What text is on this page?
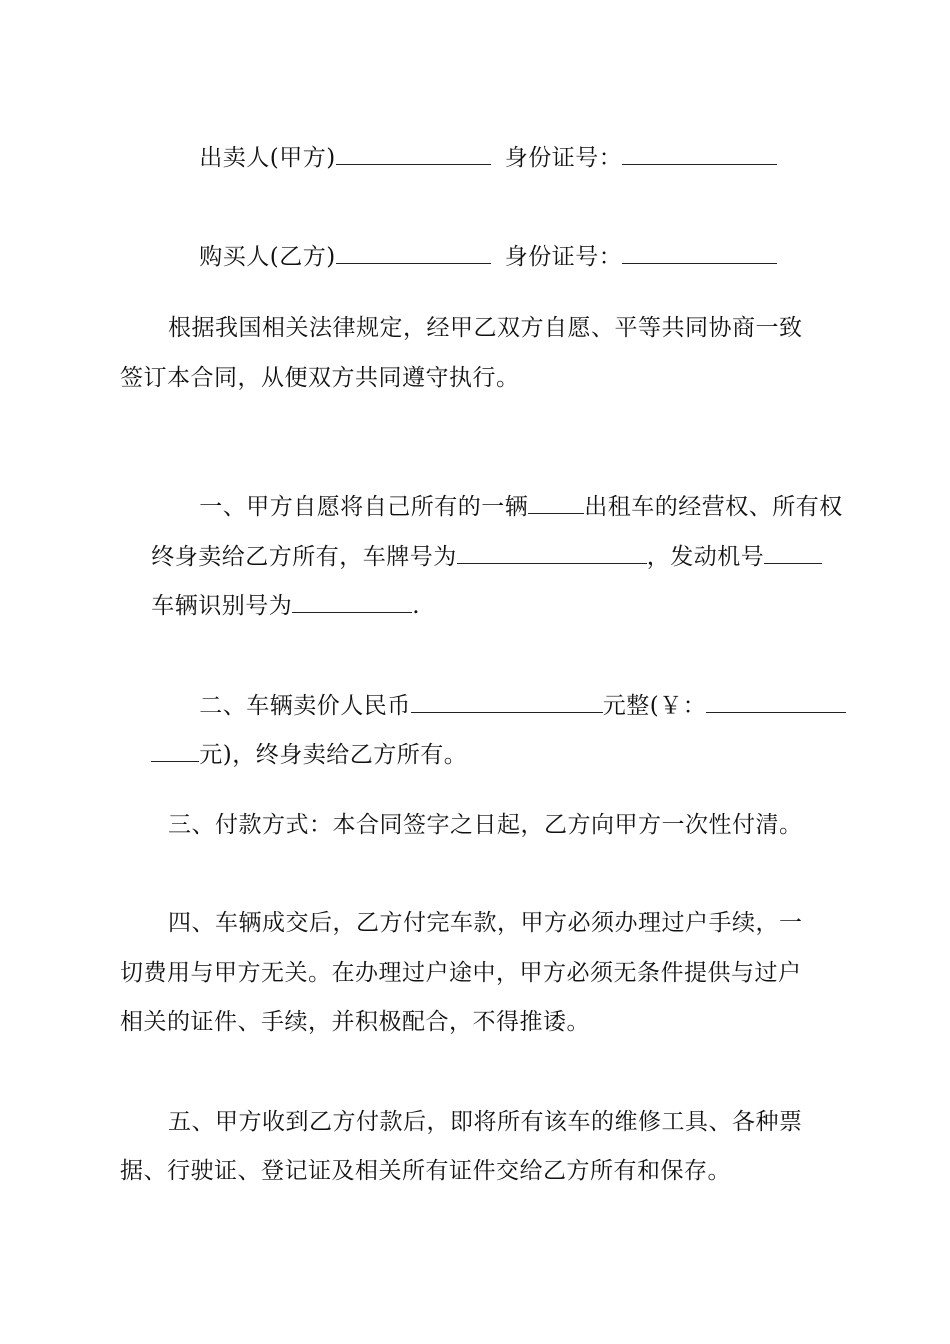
出卖人(甲方)	身份证号：

购买人(乙方)	身份证号：

根据我国相关法律规定，经甲乙双方自愿、平等共同协商一致
签订本合同，从便双方共同遵守执行。

一、甲方自愿将自己所有的一辆 出租车的经营权、所有权

终身卖给乙方所有，车牌号为	，发动机号

车辆识别号为	.

二、车辆卖价人民币	元整(￥：

元)，终身卖给乙方所有。

三、付款方式：本合同签字之日起，乙方向甲方一次性付清。
四、车辆成交后，乙方付完车款，甲方必须办理过户手续，一
切费用与甲方无关。在办理过户途中，甲方必须无条件提供与过户
相关的证件、手续，并积极配合，不得推诿。
五、甲方收到乙方付款后，即将所有该车的维修工具、各种票
据、行驶证、登记证及相关所有证件交给乙方所有和保存。
